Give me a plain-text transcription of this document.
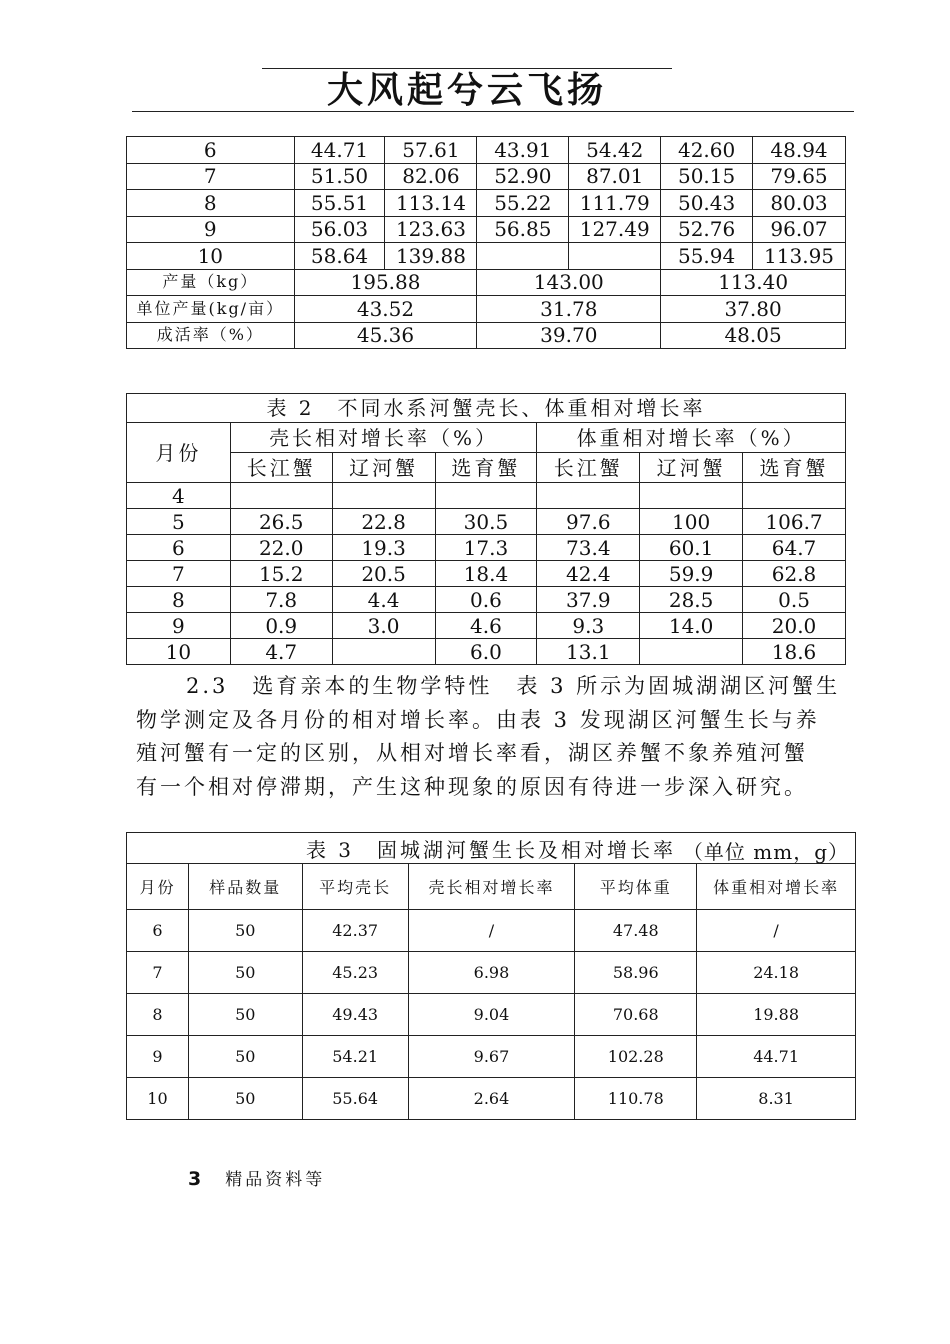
大风起兮云飞扬
6	44.71	57.61	43.91	54.42	42.60	48.94
7	51.50	82.06	52.90	87.01	50.15	79.65
8	55.51	113.14	55.22	111.79	50.43	80.03
9	56.03	123.63	56.85	127.49	52.76	96.07
10	58.64	139.88			55.94	113.95
产量（kg）	195.88		143.00		113.40	
单位产量(kg/亩）	43.52		31.78		37.80	
成活率（%）	45.36		39.70		48.05	
表 2　不同水系河蟹壳长、体重相对增长率						
月份	壳长相对增长率（%）			体重相对增长率（%）		
	长江蟹	辽河蟹	选育蟹	长江蟹	辽河蟹	选育蟹
4						
5	26.5	22.8	30.5	97.6	100	106.7
6	22.0	19.3	17.3	73.4	60.1	64.7
7	15.2	20.5	18.4	42.4	59.9	62.8
8	7.8	4.4	0.6	37.9	28.5	0.5
9	0.9	3.0	4.6	9.3	14.0	20.0
10	4.7		6.0	13.1		18.6
2.3　选育亲本的生物学特性　表 3 所示为固城湖湖区河蟹生
物学测定及各月份的相对增长率。由表 3 发现湖区河蟹生长与养
殖河蟹有一定的区别，从相对增长率看，湖区养蟹不象养殖河蟹
有一个相对停滞期，产生这种现象的原因有待进一步深入研究。
表 3　固城湖河蟹生长及相对增长率 （单位 mm，g）					

月份	样品数量	平均壳长	壳长相对增长率	平均体重	体重相对增长率
6	50	42.37	/	47.48	/
7	50	45.23	6.98	58.96	24.18
8	50	49.43	9.04	70.68	19.88
9	50	54.21	9.67	102.28	44.71
10	50	55.64	2.64	110.78	8.31
3 精品资料等
